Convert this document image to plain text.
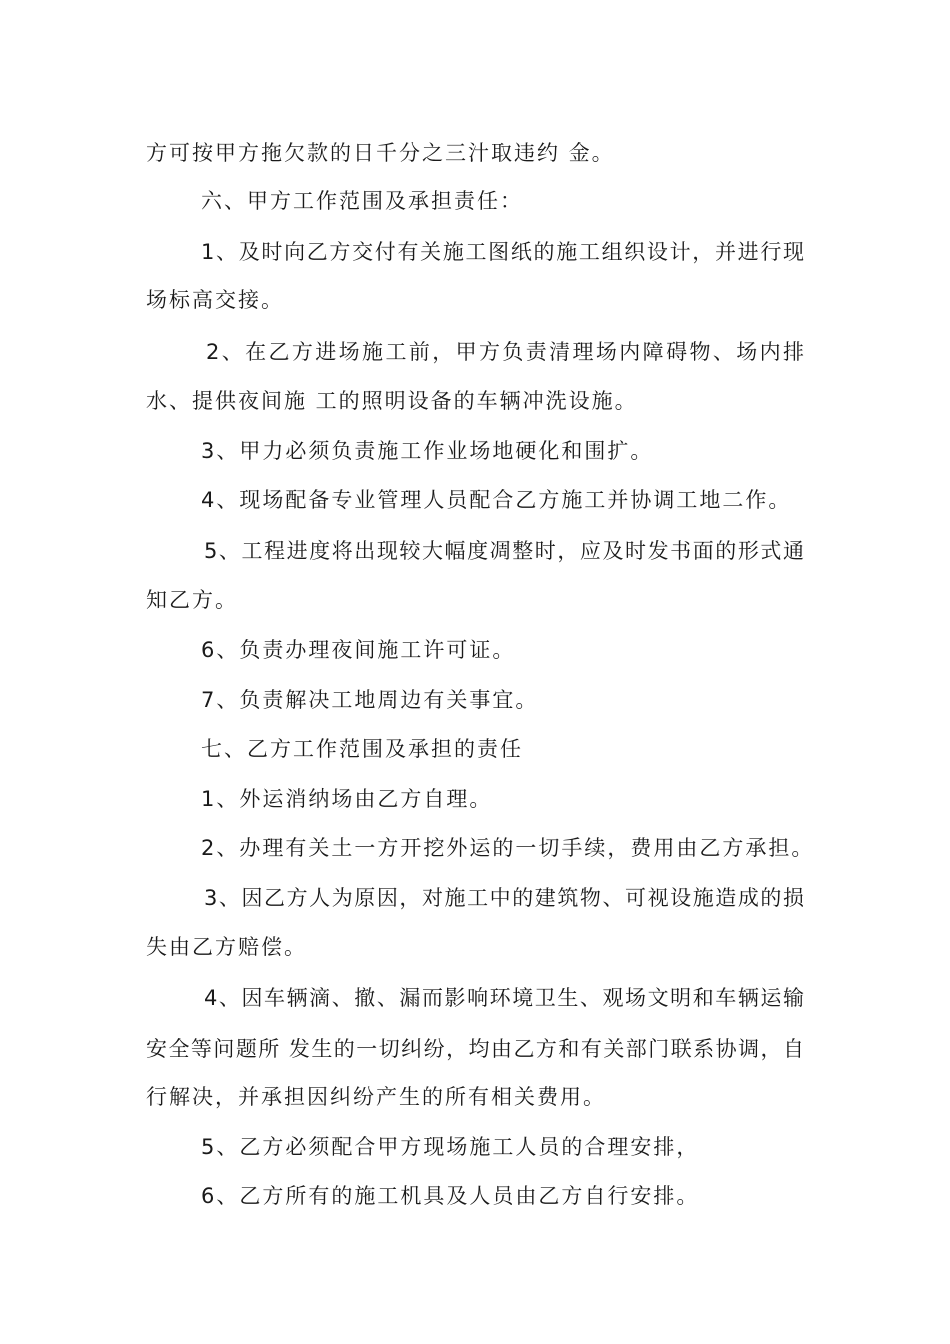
方可按甲方拖欠款的日千分之三汁取违约 金。
六、甲方工作范围及承担责任：
1、及时向乙方交付有关施工图纸的施工组织设计，并进行现
场标高交接。
2、在乙方进场施工前，甲方负责清理场内障碍物、场内排
水、提供夜间施 工的照明设备的车辆冲洗设施。
3、甲力必须负责施工作业场地硬化和围扩。
4、现场配备专业管理人员配合乙方施工并协调工地二作。
5、工程进度将出现较大幅度凋整时，应及时发书面的形式通
知乙方。
6、负责办理夜间施工许可证。
7、负责解决工地周边有关事宜。
七、乙方工作范围及承担的责任
1、外运消纳场由乙方自理。
2、办理有关土一方开挖外运的一切手续，费用由乙方承担。
3、因乙方人为原因，对施工中的建筑物、可视设施造成的损
失由乙方赔偿。
4、因车辆滴、撤、漏而影响环境卫生、观场文明和车辆运输
安全等问题所 发生的一切纠纷，均由乙方和有关部门联系协调，自
行解决，并承担因纠纷产生的所有相关费用。
5、乙方必须配合甲方现场施工人员的合理安排，
6、乙方所有的施工机具及人员由乙方自行安排。
